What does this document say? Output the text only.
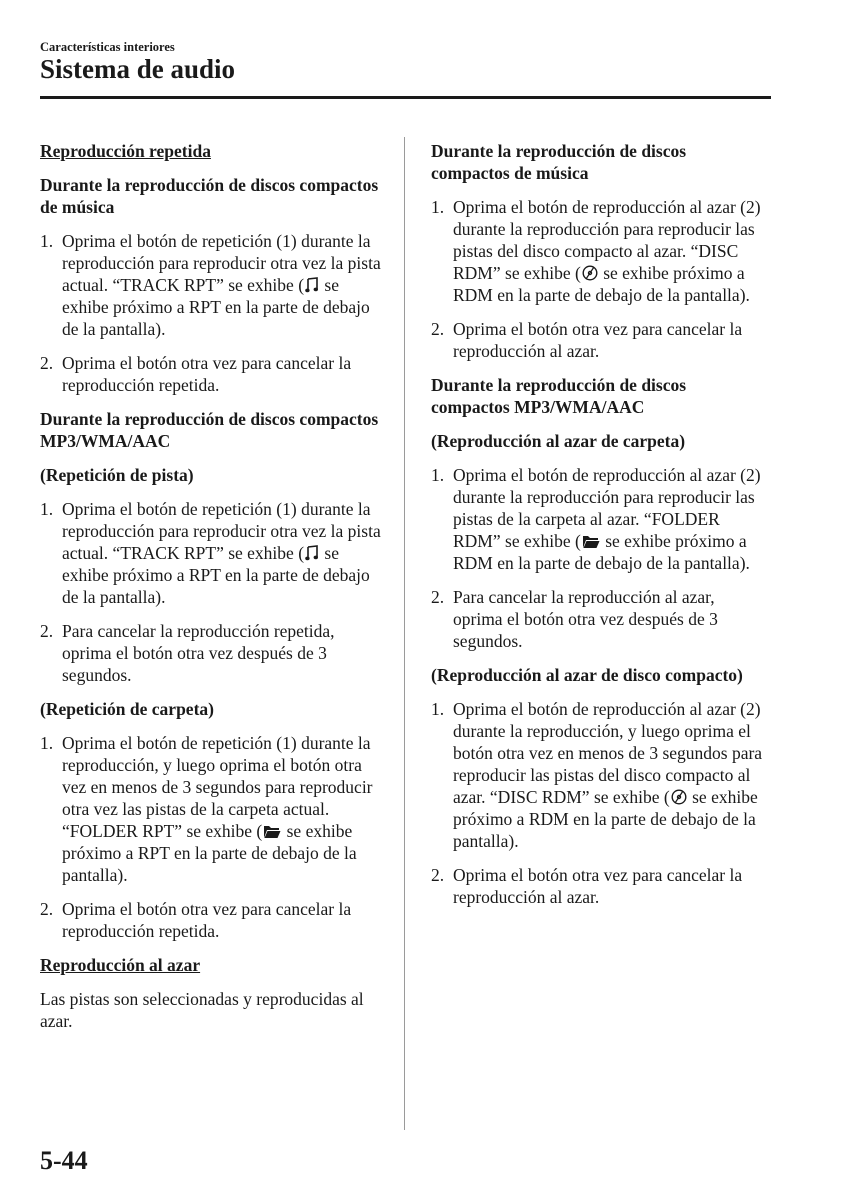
Características interiores
Sistema de audio
Reproducción repetida
Durante la reproducción de discos compactos de música
1. Oprima el botón de repetición (1) durante la reproducción para reproducir otra vez la pista actual. “TRACK RPT” se exhibe ( se exhibe próximo a RPT en la parte de debajo de la pantalla).
2. Oprima el botón otra vez para cancelar la reproducción repetida.
Durante la reproducción de discos compactos MP3/WMA/AAC
(Repetición de pista)
1. Oprima el botón de repetición (1) durante la reproducción para reproducir otra vez la pista actual. “TRACK RPT” se exhibe ( se exhibe próximo a RPT en la parte de debajo de la pantalla).
2. Para cancelar la reproducción repetida, oprima el botón otra vez después de 3 segundos.
(Repetición de carpeta)
1. Oprima el botón de repetición (1) durante la reproducción, y luego oprima el botón otra vez en menos de 3 segundos para reproducir otra vez las pistas de la carpeta actual. “FOLDER RPT” se exhibe ( se exhibe próximo a RPT en la parte de debajo de la pantalla).
2. Oprima el botón otra vez para cancelar la reproducción repetida.
Reproducción al azar
Las pistas son seleccionadas y reproducidas al azar.
Durante la reproducción de discos compactos de música
1. Oprima el botón de reproducción al azar (2) durante la reproducción para reproducir las pistas del disco compacto al azar. “DISC RDM” se exhibe ( se exhibe próximo a RDM en la parte de debajo de la pantalla).
2. Oprima el botón otra vez para cancelar la reproducción al azar.
Durante la reproducción de discos compactos MP3/WMA/AAC
(Reproducción al azar de carpeta)
1. Oprima el botón de reproducción al azar (2) durante la reproducción para reproducir las pistas de la carpeta al azar. “FOLDER RDM” se exhibe ( se exhibe próximo a RDM en la parte de debajo de la pantalla).
2. Para cancelar la reproducción al azar, oprima el botón otra vez después de 3 segundos.
(Reproducción al azar de disco compacto)
1. Oprima el botón de reproducción al azar (2) durante la reproducción, y luego oprima el botón otra vez en menos de 3 segundos para reproducir las pistas del disco compacto al azar. “DISC RDM” se exhibe ( se exhibe próximo a RDM en la parte de debajo de la pantalla).
2. Oprima el botón otra vez para cancelar la reproducción al azar.
5-44
